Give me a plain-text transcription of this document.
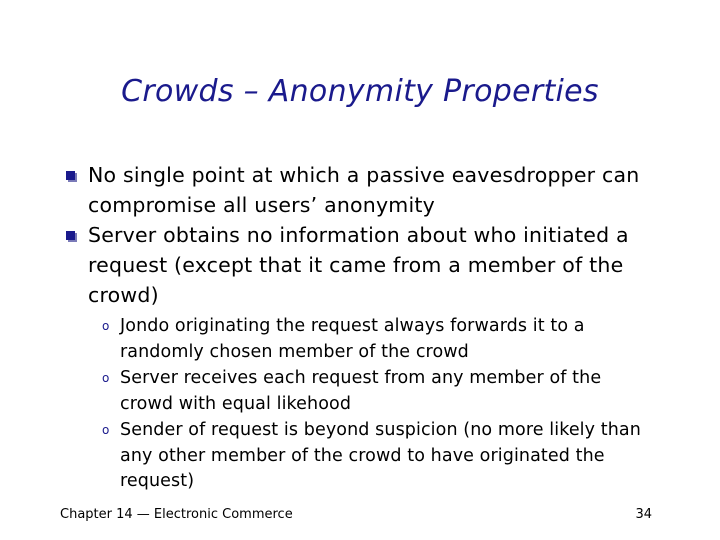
Crowds – Anonymity Properties
No single point at which a passive eavesdropper can compromise all users’ anonymity
Server obtains no information about who initiated a request (except that it came from a member of the crowd)
o Jondo originating the request always forwards it to a randomly chosen member of the crowd
o Server receives each request from any member of the crowd with equal likehood
o Sender of request is beyond suspicion (no more likely than any other member of the crowd to have originated the request)
Chapter 14 — Electronic Commerce	34
